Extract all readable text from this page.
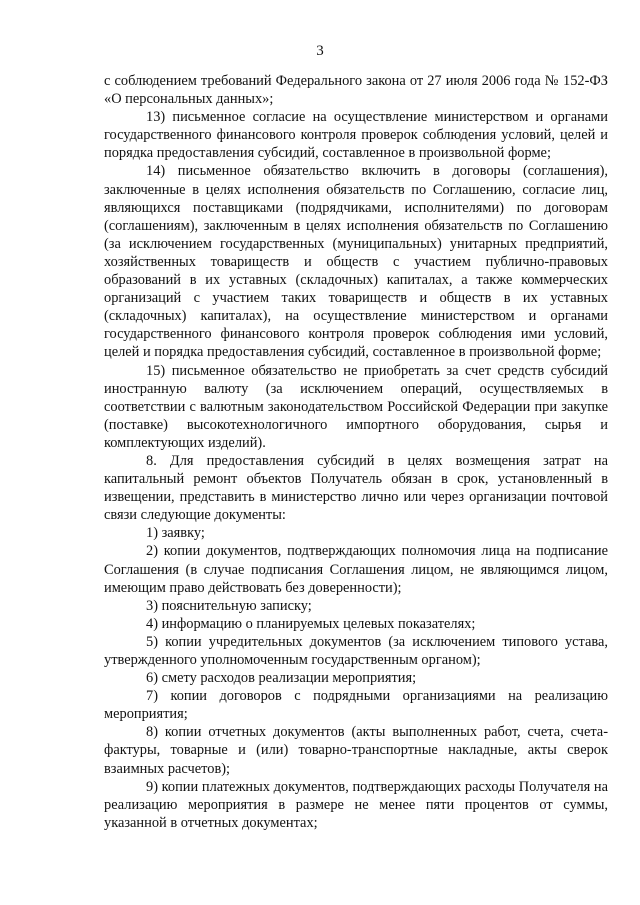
3

с соблюдением требований Федерального закона от 27 июля 2006 года № 152-ФЗ «О персональных данных»;

13) письменное согласие на осуществление министерством и органами государственного финансового контроля проверок соблюдения условий, целей и порядка предоставления субсидий, составленное в произвольной форме;

14) письменное обязательство включить в договоры (соглашения), заключенные в целях исполнения обязательств по Соглашению, согласие лиц, являющихся поставщиками (подрядчиками, исполнителями) по договорам (соглашениям), заключенным в целях исполнения обязательств по Соглашению (за исключением государственных (муниципальных) унитарных предприятий, хозяйственных товариществ и обществ с участием публично-правовых образований в их уставных (складочных) капиталах, а также коммерческих организаций с участием таких товариществ и обществ в их уставных (складочных) капиталах), на осуществление министерством и органами государственного финансового контроля проверок соблюдения ими условий, целей и порядка предоставления субсидий, составленное в произвольной форме;

15) письменное обязательство не приобретать за счет средств субсидий иностранную валюту (за исключением операций, осуществляемых в соответствии с валютным законодательством Российской Федерации при закупке (поставке) высокотехнологичного импортного оборудования, сырья и комплектующих изделий).

8. Для предоставления субсидий в целях возмещения затрат на капитальный ремонт объектов Получатель обязан в срок, установленный в извещении, представить в министерство лично или через организации почтовой связи следующие документы:

1) заявку;

2) копии документов, подтверждающих полномочия лица на подписание Соглашения (в случае подписания Соглашения лицом, не являющимся лицом, имеющим право действовать без доверенности);

3) пояснительную записку;

4) информацию о планируемых целевых показателях;

5) копии учредительных документов (за исключением типового устава, утвержденного уполномоченным государственным органом);

6) смету расходов реализации мероприятия;

7) копии договоров с подрядными организациями на реализацию мероприятия;

8) копии отчетных документов (акты выполненных работ, счета, счета-фактуры, товарные и (или) товарно-транспортные накладные, акты сверок взаимных расчетов);

9) копии платежных документов, подтверждающих расходы Получателя на реализацию мероприятия в размере не менее пяти процентов от суммы, указанной в отчетных документах;
